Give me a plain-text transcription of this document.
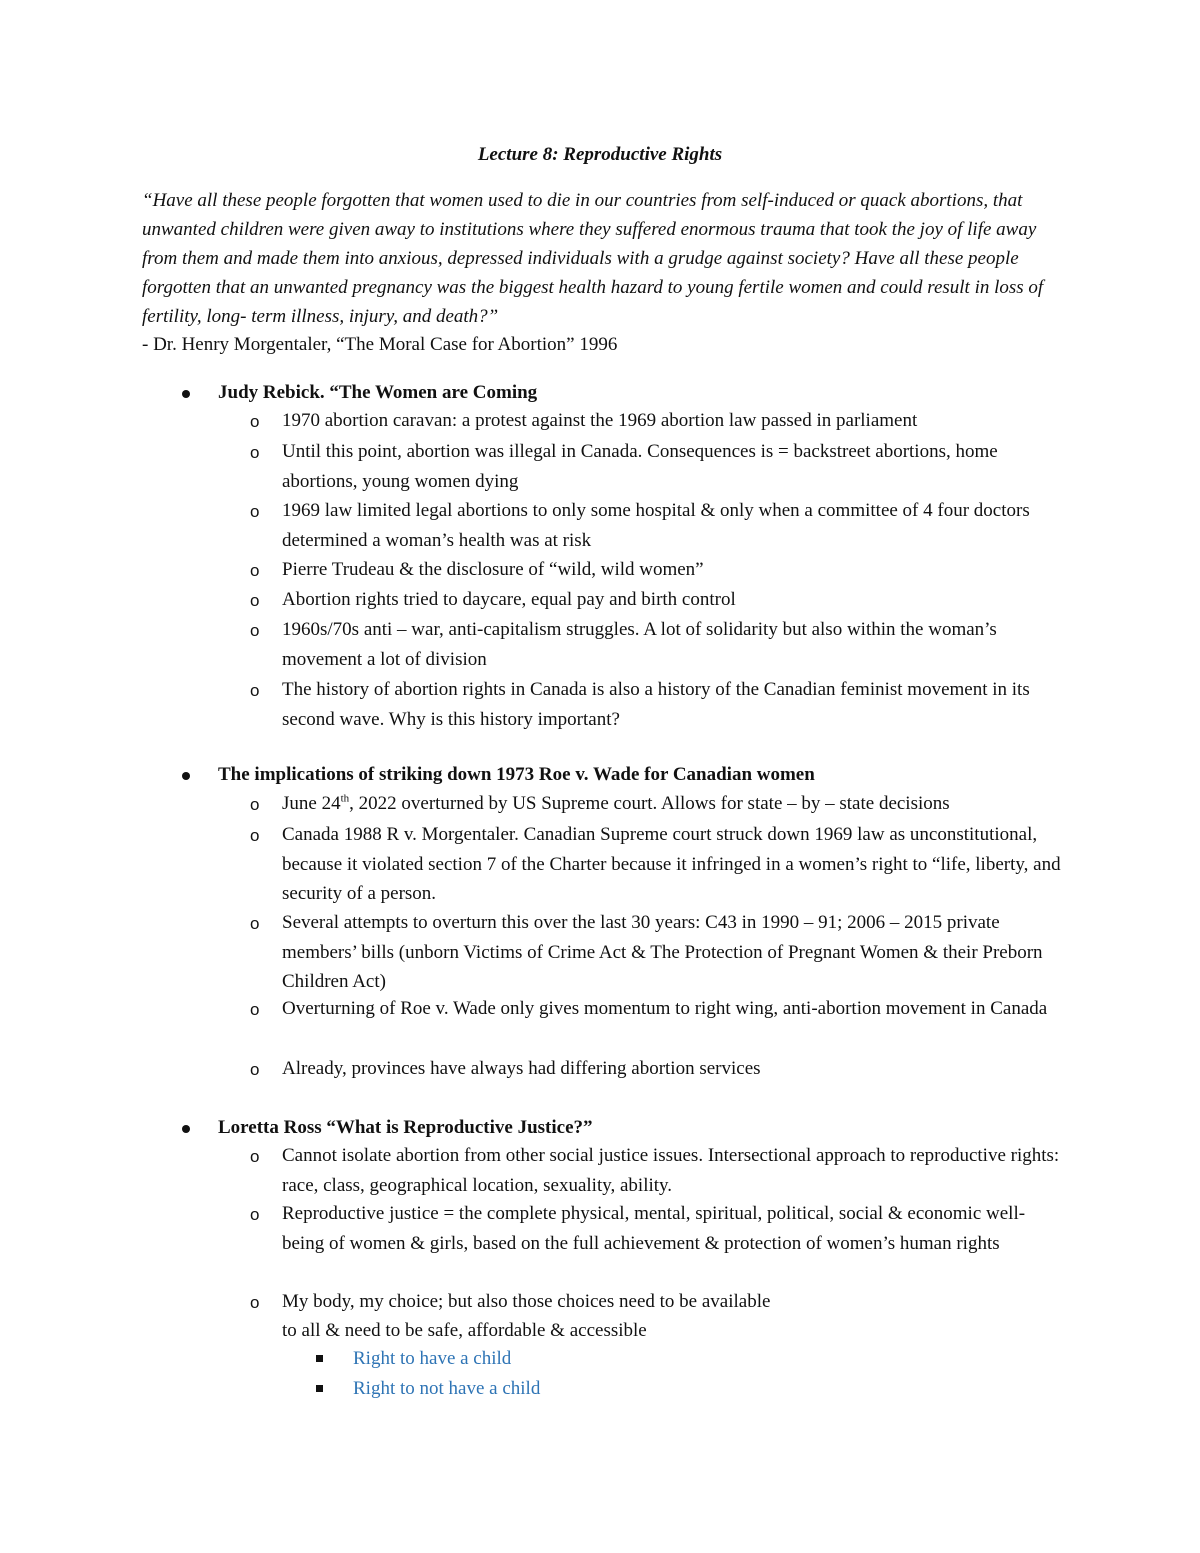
Lecture 8: Reproductive Rights

“Have all these people forgotten that women used to die in our countries from self-induced or quack abortions, that unwanted children were given away to institutions where they suffered enormous trauma that took the joy of life away from them and made them into anxious, depressed individuals with a grudge against society? Have all these people forgotten that an unwanted pregnancy was the biggest health hazard to young fertile women and could result in loss of fertility, long- term illness, injury, and death?”

- Dr. Henry Morgentaler, “The Moral Case for Abortion” 1996

Judy Rebick. “The Women are Coming

o 1970 abortion caravan: a protest against the 1969 abortion law passed in parliament

o Until this point, abortion was illegal in Canada. Consequences is = backstreet abortions, home abortions, young women dying

o 1969 law limited legal abortions to only some hospital & only when a committee of 4 four doctors determined a woman’s health was at risk

o Pierre Trudeau & the disclosure of “wild, wild women”

o Abortion rights tried to daycare, equal pay and birth control

o 1960s/70s anti – war, anti-capitalism struggles. A lot of solidarity but also within the woman’s movement a lot of division

o The history of abortion rights in Canada is also a history of the Canadian feminist movement in its second wave. Why is this history important?

The implications of striking down 1973 Roe v. Wade for Canadian women

o June 24th, 2022 overturned by US Supreme court. Allows for state – by – state decisions

o Canada 1988 R v. Morgentaler. Canadian Supreme court struck down 1969 law as unconstitutional, because it violated section 7 of the Charter because it infringed in a women’s right to “life, liberty, and security of a person.

o Several attempts to overturn this over the last 30 years: C43 in 1990 – 91; 2006 – 2015 private members’ bills (unborn Victims of Crime Act & The Protection of Pregnant Women & their Preborn Children Act)

o Overturning of Roe v. Wade only gives momentum to right wing, anti-abortion movement in Canada

o Already, provinces have always had differing abortion services

Loretta Ross “What is Reproductive Justice?”

o Cannot isolate abortion from other social justice issues. Intersectional approach to reproductive rights: race, class, geographical location, sexuality, ability.

o Reproductive justice = the complete physical, mental, spiritual, political, social & economic well-being of women & girls, based on the full achievement & protection of women’s human rights

o My body, my choice; but also those choices need to be available

to all & need to be safe, affordable & accessible

Right to have a child

Right to not have a child
